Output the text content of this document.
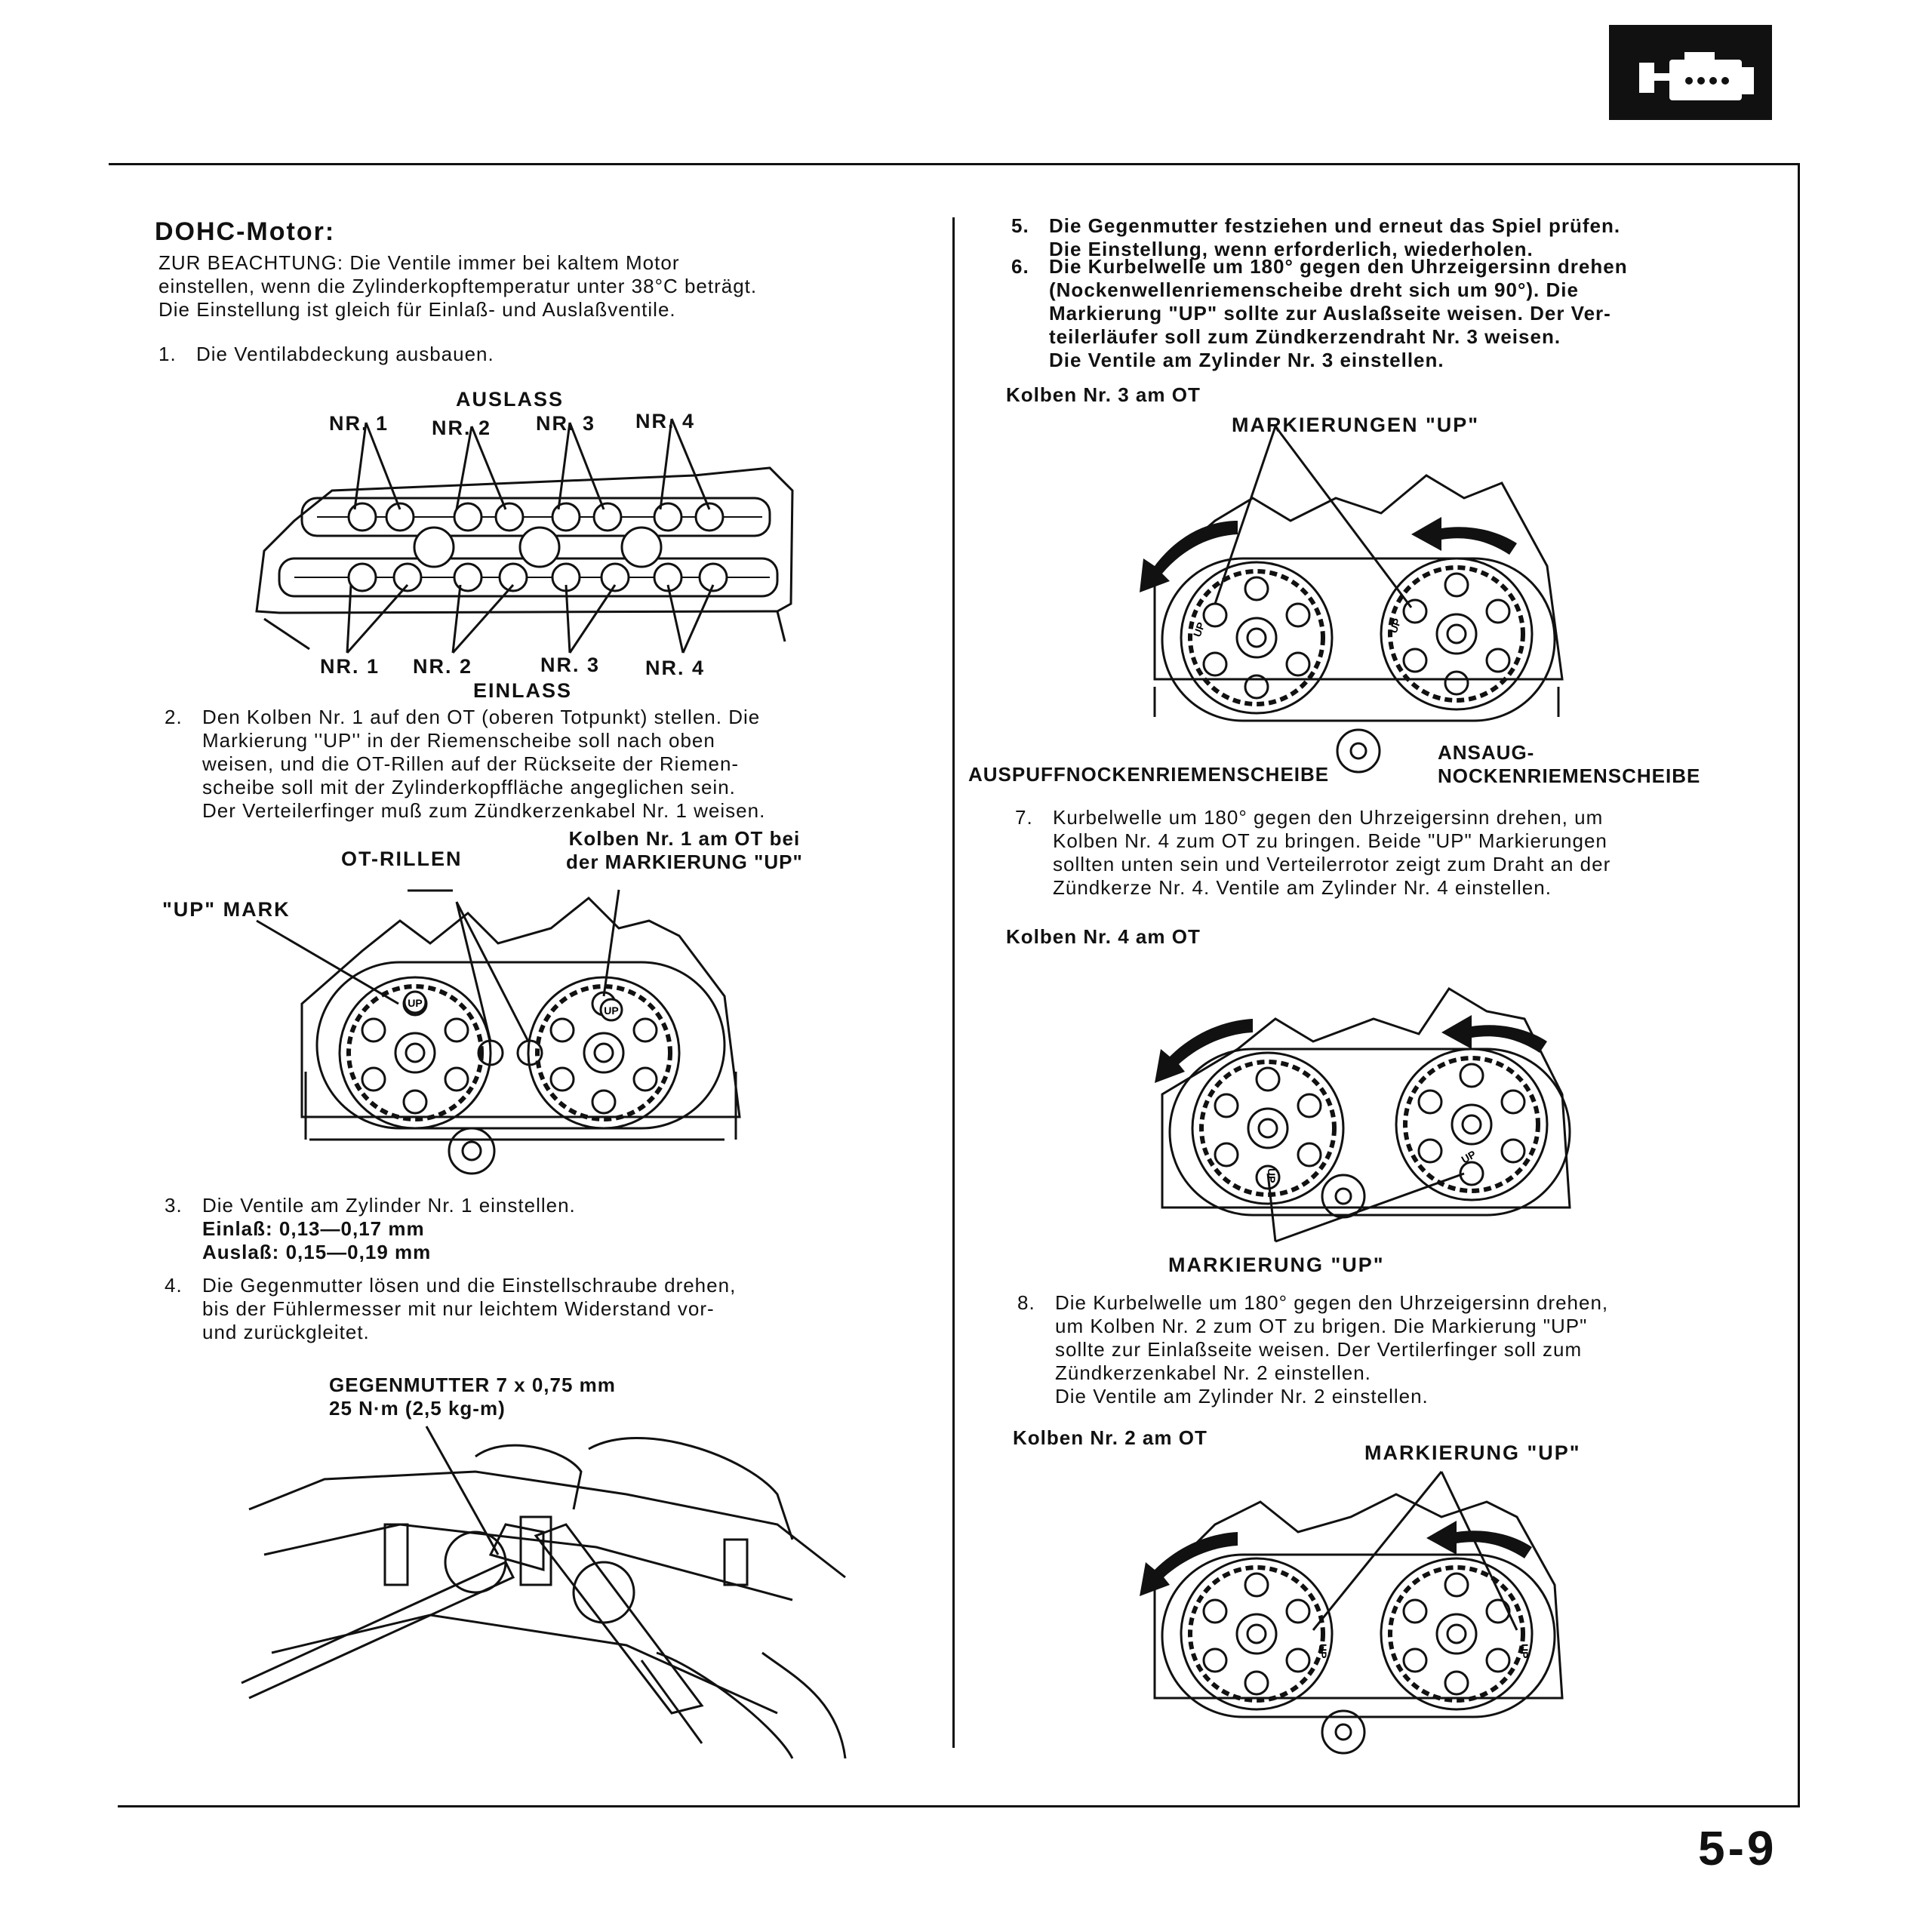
5-9
DOHC-Motor:
ZUR BEACHTUNG: Die Ventile immer bei kaltem Motor
einstellen, wenn die Zylinderkopftemperatur unter 38°C beträgt.
Die Einstellung ist gleich für Einlaß- und Auslaßventile.
1. Die Ventilabdeckung ausbauen.
AUSLASS
NR. 1 NR. 2 NR. 3 NR. 4
NR. 1 NR. 2	NR. 3 NR. 4
EINLASS
2. Den Kolben Nr. 1 auf den OT (oberen Totpunkt) stellen. Die
Markierung ''UP'' in der Riemenscheibe soll nach oben
weisen, und die OT-Rillen auf der Rückseite der Riemen-
scheibe soll mit der Zylinderkopffläche angeglichen sein.
Der Verteilerfinger muß zum Zündkerzenkabel Nr. 1 weisen.
Kolben Nr. 1 am OT bei
der MARKIERUNG "UP"
OT-RILLEN
"UP" MARK
UP
UP
3. Die Ventile am Zylinder Nr. 1 einstellen.
Einlaß: 0,13—0,17 mm
Auslaß: 0,15—0,19 mm
4. Die Gegenmutter lösen und die Einstellschraube drehen,
bis der Fühlermesser mit nur leichtem Widerstand vor-
und zurückgleitet.
GEGENMUTTER 7 x 0,75 mm
25 N·m (2,5 kg-m)
5. Die Gegenmutter festziehen und erneut das Spiel prüfen.
Die Einstellung, wenn erforderlich, wiederholen.
6. Die Kurbelwelle um 180° gegen den Uhrzeigersinn drehen
(Nockenwellenriemenscheibe dreht sich um 90°). Die
Markierung "UP" sollte zur Auslaßseite weisen. Der Ver-
teilerläufer soll zum Zündkerzendraht Nr. 3 weisen.
Die Ventile am Zylinder Nr. 3 einstellen.
Kolben Nr. 3 am OT
MARKIERUNGEN "UP"
UP	UP
ANSAUG-
NOCKENRIEMENSCHEIBE
AUSPUFFNOCKENRIEMENSCHEIBE
7. Kurbelwelle um 180° gegen den Uhrzeigersinn drehen, um
Kolben Nr. 4 zum OT zu bringen. Beide "UP" Markierungen
sollten unten sein und Verteilerrotor zeigt zum Draht an der
Zündkerze Nr. 4. Ventile am Zylinder Nr. 4 einstellen.
Kolben Nr. 4 am OT
UP
UP
MARKIERUNG "UP"
8. Die Kurbelwelle um 180° gegen den Uhrzeigersinn drehen,
um Kolben Nr. 2 zum OT zu brigen. Die Markierung "UP"
sollte zur Einlaßseite weisen. Der Vertilerfinger soll zum
Zündkerzenkabel Nr. 2 einstellen.
Die Ventile am Zylinder Nr. 2 einstellen.
Kolben Nr. 2 am OT
MARKIERUNG "UP"
UP	UP
